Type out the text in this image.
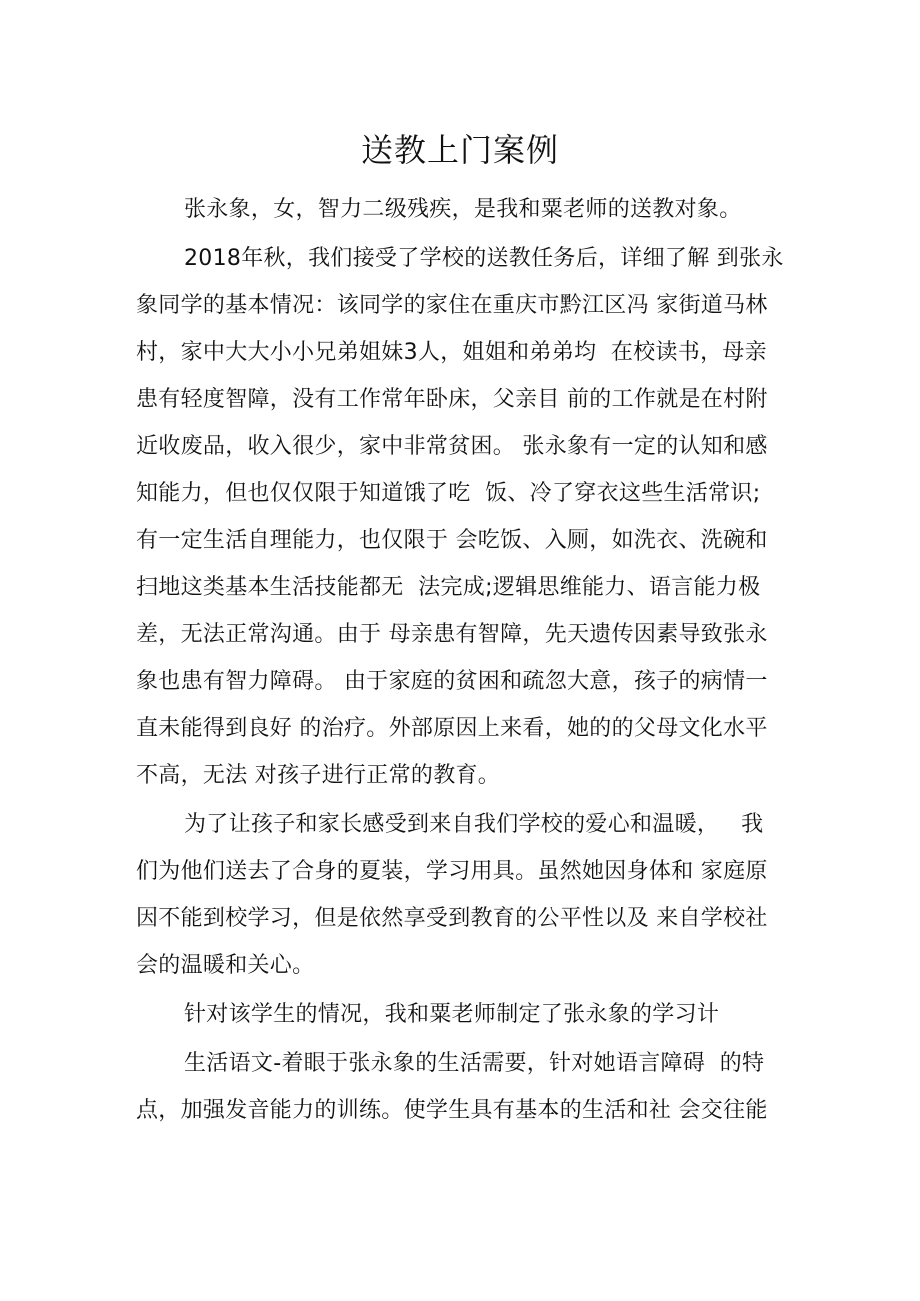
送教上门案例
张永象，女，智力二级残疾，是我和粟老师的送教对象。
2018年秋，我们接受了学校的送教任务后，详细了解 到张永
象同学的基本情况：该同学的家住在重庆市黔江区冯 家街道马林
村，家中大大小小兄弟姐妹3人，姐姐和弟弟均  在校读书，母亲
患有轻度智障，没有工作常年卧床，父亲目 前的工作就是在村附
近收废品，收入很少，家中非常贫困。 张永象有一定的认知和感
知能力，但也仅仅限于知道饿了吃  饭、冷了穿衣这些生活常识;
有一定生活自理能力，也仅限于 会吃饭、入厕，如洗衣、洗碗和
扫地这类基本生活技能都无  法完成;逻辑思维能力、语言能力极
差，无法正常沟通。由于 母亲患有智障，先天遗传因素导致张永
象也患有智力障碍。 由于家庭的贫困和疏忽大意，孩子的病情一
直未能得到良好 的治疗。外部原因上来看，她的的父母文化水平
不高，无法 对孩子进行正常的教育。
为了让孩子和家长感受到来自我们学校的爱心和温暖，   我
们为他们送去了合身的夏装，学习用具。虽然她因身体和 家庭原
因不能到校学习，但是依然享受到教育的公平性以及 来自学校社
会的温暖和关心。
针对该学生的情况，我和粟老师制定了张永象的学习计
生活语文-着眼于张永象的生活需要，针对她语言障碍  的特
点，加强发音能力的训练。使学生具有基本的生活和社 会交往能
